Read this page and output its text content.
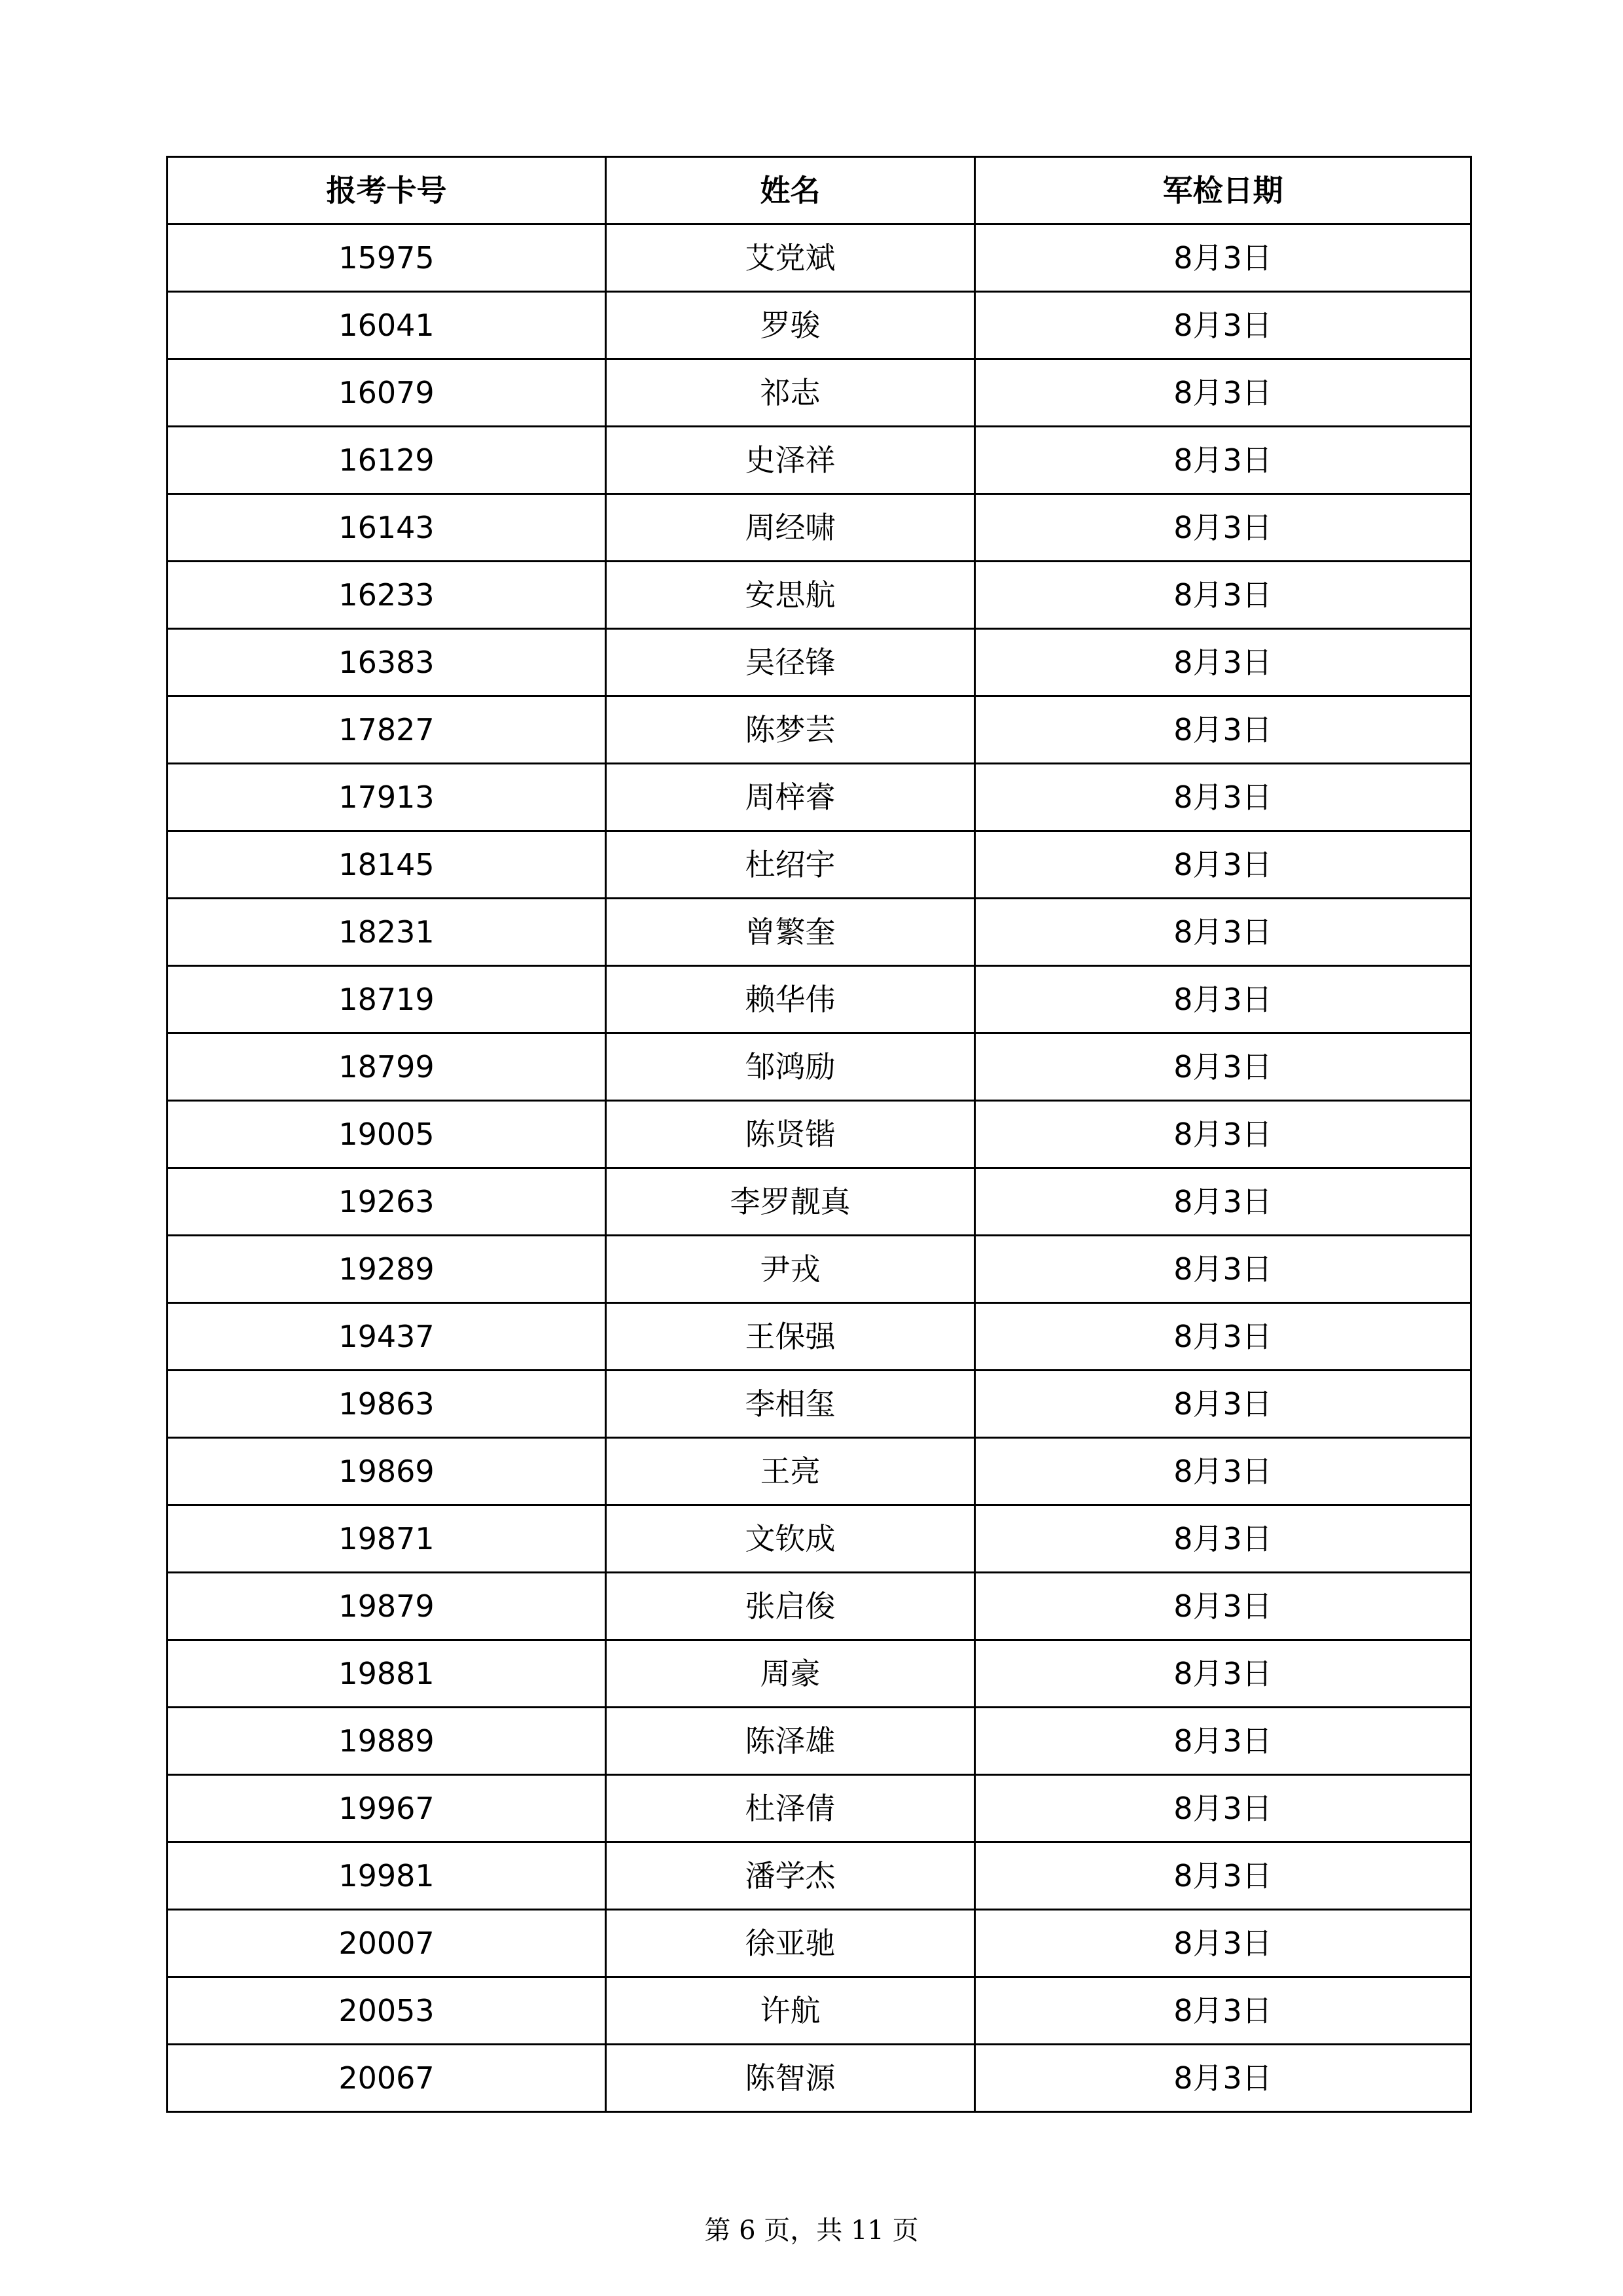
报考卡号	姓名	军检日期
15975	艾党斌	8月3日
16041	罗骏	8月3日
16079	祁志	8月3日
16129	史泽祥	8月3日
16143	周经啸	8月3日
16233	安思航	8月3日
16383	吴径锋	8月3日
17827	陈梦芸	8月3日
17913	周梓睿	8月3日
18145	杜绍宇	8月3日
18231	曾繁奎	8月3日
18719	赖华伟	8月3日
18799	邹鸿励	8月3日
19005	陈贤锴	8月3日
19263	李罗靓真	8月3日
19289	尹戎	8月3日
19437	王保强	8月3日
19863	李相玺	8月3日
19869	王亮	8月3日
19871	文钦成	8月3日
19879	张启俊	8月3日
19881	周豪	8月3日
19889	陈泽雄	8月3日
19967	杜泽倩	8月3日
19981	潘学杰	8月3日
20007	徐亚驰	8月3日
20053	许航	8月3日
20067	陈智源	8月3日
第 6 页，共 11 页
